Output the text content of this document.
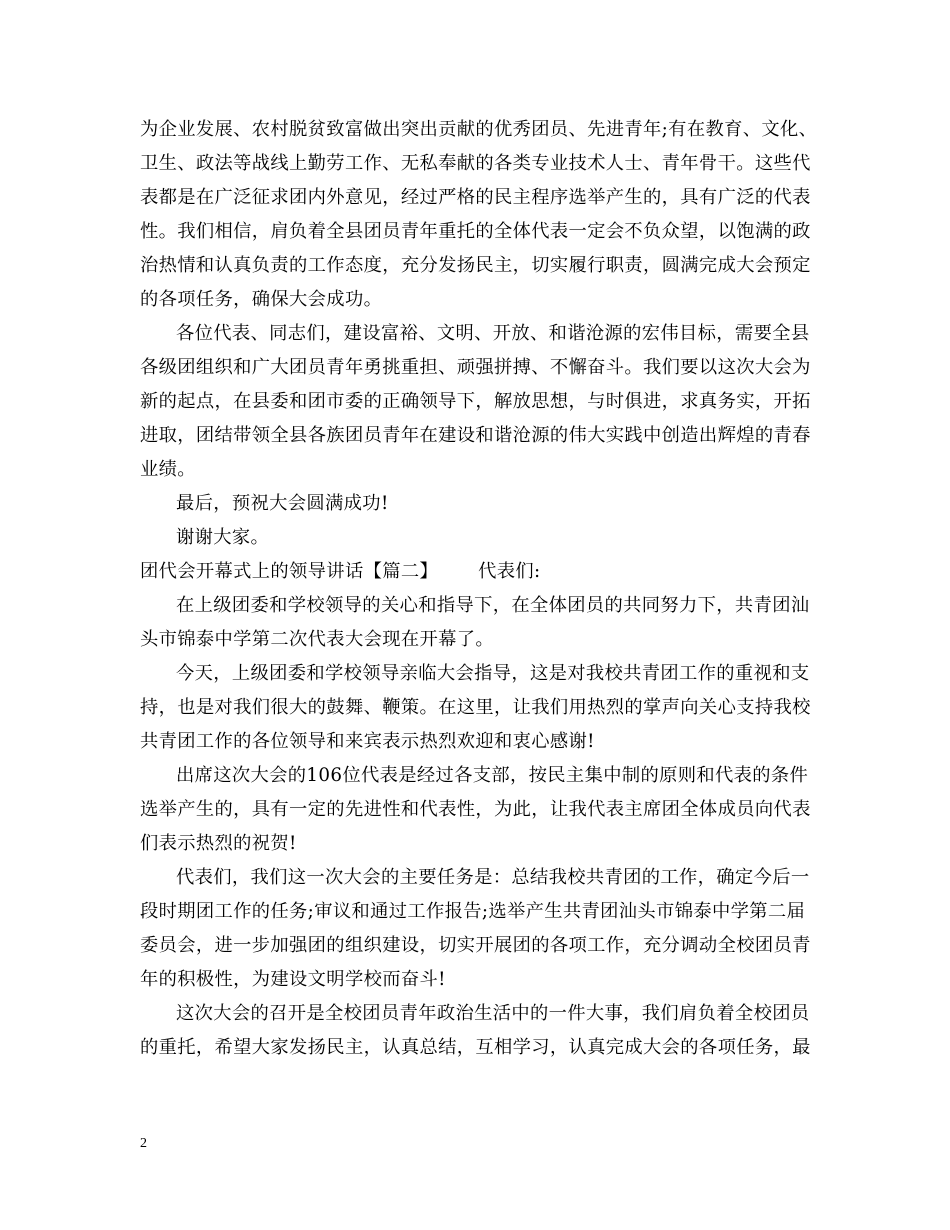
为企业发展、农村脱贫致富做出突出贡献的优秀团员、先进青年;有在教育、文化、
卫生、政法等战线上勤劳工作、无私奉献的各类专业技术人士、青年骨干。这些代
表都是在广泛征求团内外意见，经过严格的民主程序选举产生的，具有广泛的代表
性。我们相信，肩负着全县团员青年重托的全体代表一定会不负众望，以饱满的政
治热情和认真负责的工作态度，充分发扬民主，切实履行职责，圆满完成大会预定
的各项任务，确保大会成功。
各位代表、同志们，建设富裕、文明、开放、和谐沧源的宏伟目标，需要全县
各级团组织和广大团员青年勇挑重担、顽强拼搏、不懈奋斗。我们要以这次大会为
新的起点，在县委和团市委的正确领导下，解放思想，与时俱进，求真务实，开拓
进取，团结带领全县各族团员青年在建设和谐沧源的伟大实践中创造出辉煌的青春
业绩。
最后，预祝大会圆满成功!
谢谢大家。
团代会开幕式上的领导讲话【篇二】 代表们:
在上级团委和学校领导的关心和指导下，在全体团员的共同努力下，共青团汕
头市锦泰中学第二次代表大会现在开幕了。
今天，上级团委和学校领导亲临大会指导，这是对我校共青团工作的重视和支
持，也是对我们很大的鼓舞、鞭策。在这里，让我们用热烈的掌声向关心支持我校
共青团工作的各位领导和来宾表示热烈欢迎和衷心感谢!
出席这次大会的106位代表是经过各支部，按民主集中制的原则和代表的条件
选举产生的，具有一定的先进性和代表性，为此，让我代表主席团全体成员向代表
们表示热烈的祝贺!
代表们，我们这一次大会的主要任务是：总结我校共青团的工作，确定今后一
段时期团工作的任务;审议和通过工作报告;选举产生共青团汕头市锦泰中学第二届
委员会，进一步加强团的组织建设，切实开展团的各项工作，充分调动全校团员青
年的积极性，为建设文明学校而奋斗!
这次大会的召开是全校团员青年政治生活中的一件大事，我们肩负着全校团员
的重托，希望大家发扬民主，认真总结，互相学习，认真完成大会的各项任务，最
2
